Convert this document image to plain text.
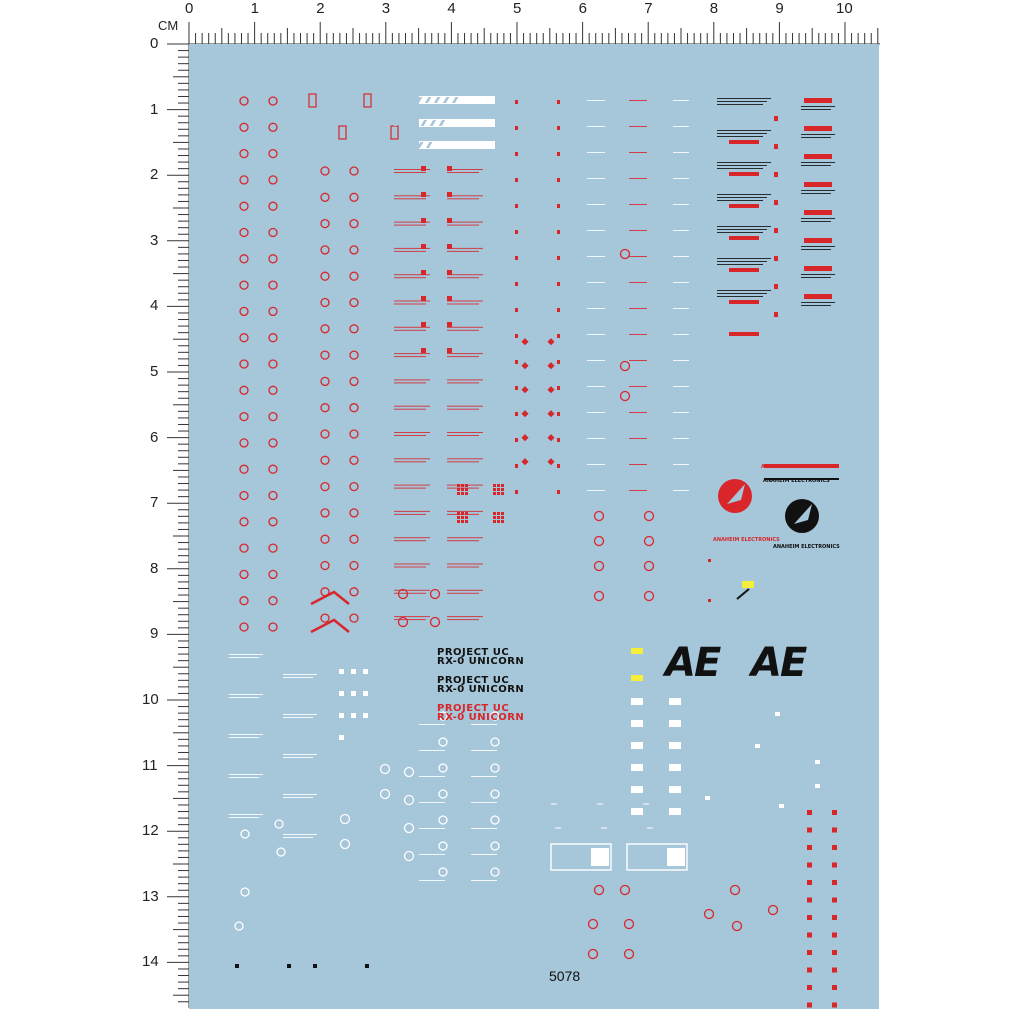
CM
0	1	2	3	4	5	6	7	8	9	10
0
1
2
3
4
5
6
7
8
9
10
11
12
13
14
PROJECT UC
RX-0 UNICORN
PROJECT UC
RX-0 UNICORN
PROJECT UC
RX-0 UNICORN
AE AE
ANAHEIM ELECTRONICS
ANAHEIM ELECTRONICS
ANAHEIM ELECTRONICS
ANAHEIM ELECTRONICS
5078
